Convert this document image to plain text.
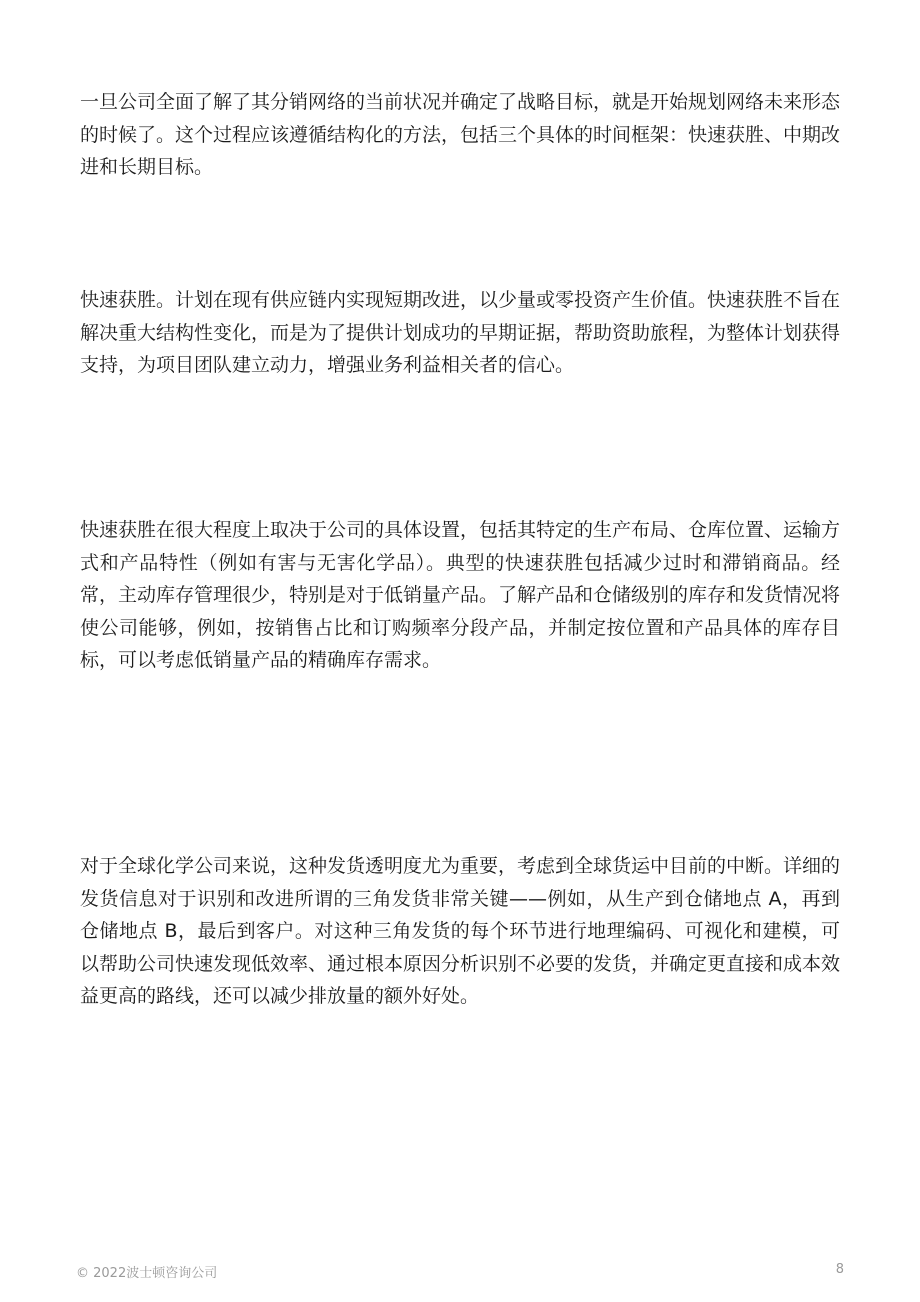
一旦公司全面了解了其分销网络的当前状况并确定了战略目标，就是开始规划网络未来形态的时候了。这个过程应该遵循结构化的方法，包括三个具体的时间框架：快速获胜、中期改进和长期目标。

快速获胜。计划在现有供应链内实现短期改进，以少量或零投资产生价值。快速获胜不旨在解决重大结构性变化，而是为了提供计划成功的早期证据，帮助资助旅程，为整体计划获得支持，为项目团队建立动力，增强业务利益相关者的信心。

快速获胜在很大程度上取决于公司的具体设置，包括其特定的生产布局、仓库位置、运输方式和产品特性（例如有害与无害化学品）。典型的快速获胜包括减少过时和滞销商品。经常，主动库存管理很少，特别是对于低销量产品。了解产品和仓储级别的库存和发货情况将使公司能够，例如，按销售占比和订购频率分段产品，并制定按位置和产品具体的库存目标，可以考虑低销量产品的精确库存需求。

对于全球化学公司来说，这种发货透明度尤为重要，考虑到全球货运中目前的中断。详细的发货信息对于识别和改进所谓的三角发货非常关键——例如，从生产到仓储地点 A，再到仓储地点 B，最后到客户。对这种三角发货的每个环节进行地理编码、可视化和建模，可以帮助公司快速发现低效率、通过根本原因分析识别不必要的发货，并确定更直接和成本效益更高的路线，还可以减少排放量的额外好处。

© 2022波士顿咨询公司	8
